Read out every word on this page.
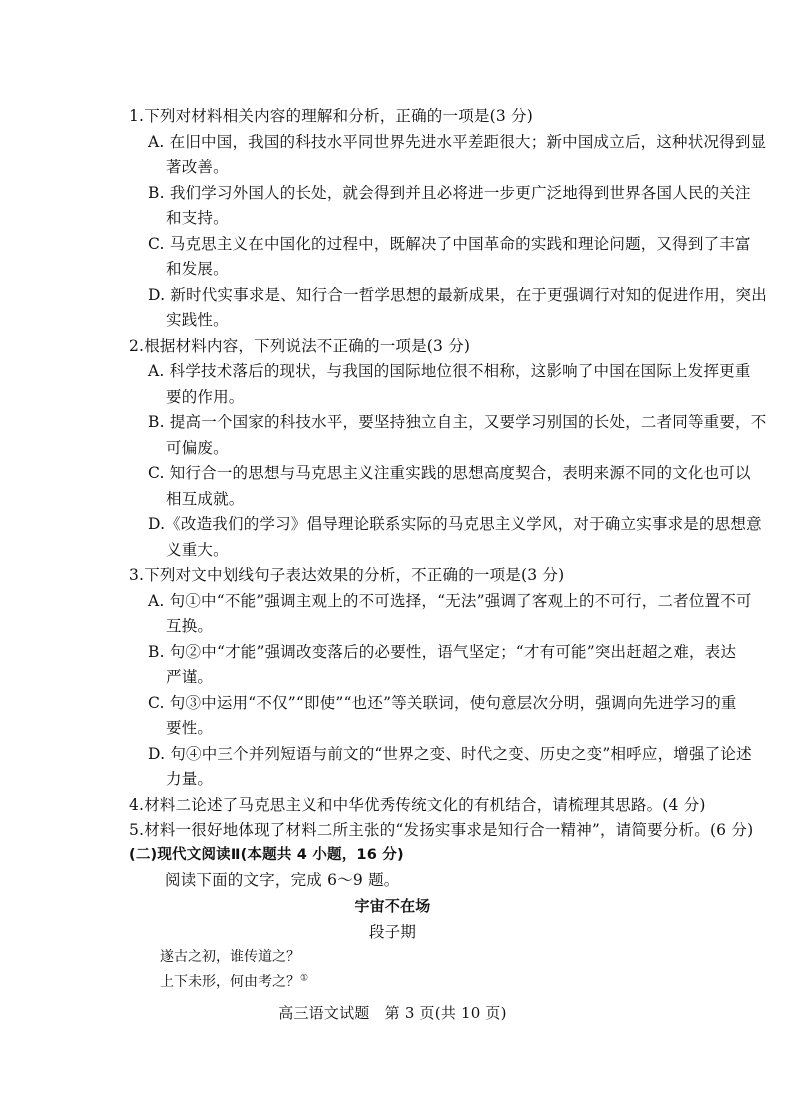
1.下列对材料相关内容的理解和分析，正确的一项是(3 分)
A. 在旧中国，我国的科技水平同世界先进水平差距很大；新中国成立后，这种状况得到显
著改善。
B. 我们学习外国人的长处，就会得到并且必将进一步更广泛地得到世界各国人民的关注
和支持。
C. 马克思主义在中国化的过程中，既解决了中国革命的实践和理论问题，又得到了丰富
和发展。
D. 新时代实事求是、知行合一哲学思想的最新成果，在于更强调行对知的促进作用，突出
实践性。
2.根据材料内容，下列说法不正确的一项是(3 分)
A. 科学技术落后的现状，与我国的国际地位很不相称，这影响了中国在国际上发挥更重
要的作用。
B. 提高一个国家的科技水平，要坚持独立自主，又要学习别国的长处，二者同等重要，不
可偏废。
C. 知行合一的思想与马克思主义注重实践的思想高度契合，表明来源不同的文化也可以
相互成就。
D.《改造我们的学习》倡导理论联系实际的马克思主义学风，对于确立实事求是的思想意
义重大。
3.下列对文中划线句子表达效果的分析，不正确的一项是(3 分)
A. 句①中“不能”强调主观上的不可选择，“无法”强调了客观上的不可行，二者位置不可
互换。
B. 句②中“才能”强调改变落后的必要性，语气坚定；“才有可能”突出赶超之难，表达
严谨。
C. 句③中运用“不仅”“即使”“也还”等关联词，使句意层次分明，强调向先进学习的重
要性。
D. 句④中三个并列短语与前文的“世界之变、时代之变、历史之变”相呼应，增强了论述
力量。
4.材料二论述了马克思主义和中华优秀传统文化的有机结合，请梳理其思路。(4 分)
5.材料一很好地体现了材料二所主张的“发扬实事求是知行合一精神”，请简要分析。(6 分)
(二)现代文阅读Ⅱ(本题共 4 小题，16 分)
阅读下面的文字，完成 6～9 题。
宇宙不在场
段子期
遂古之初，谁传道之？
上下未形，何由考之？①
高三语文试题　第 3 页(共 10 页)
